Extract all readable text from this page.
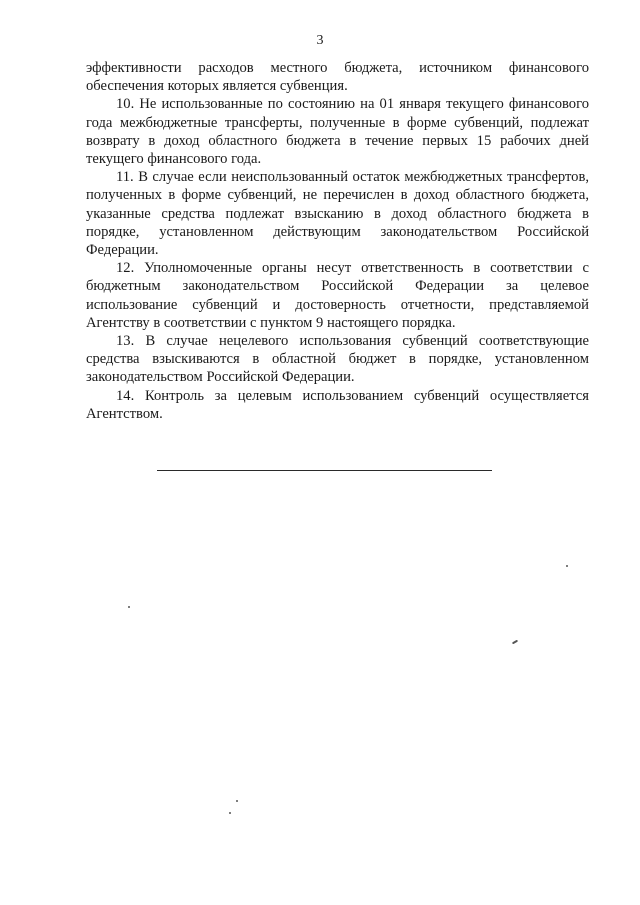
3

эффективности расходов местного бюджета, источником финансового обеспечения которых является субвенция.

10. Не использованные по состоянию на 01 января текущего финансового года межбюджетные трансферты, полученные в форме субвенций, подлежат возврату в доход областного бюджета в течение первых 15 рабочих дней текущего финансового года.

11. В случае если неиспользованный остаток межбюджетных трансфертов, полученных в форме субвенций, не перечислен в доход областного бюджета, указанные средства подлежат взысканию в доход областного бюджета в порядке, установленном действующим законодательством Российской Федерации.

12. Уполномоченные органы несут ответственность в соответствии с бюджетным законодательством Российской Федерации за целевое использование субвенций и достоверность отчетности, представляемой Агентству в соответствии с пунктом 9 настоящего порядка.

13. В случае нецелевого использования субвенций соответствующие средства взыскиваются в областной бюджет в порядке, установленном законодательством Российской Федерации.

14. Контроль за целевым использованием субвенций осуществляется Агентством.
